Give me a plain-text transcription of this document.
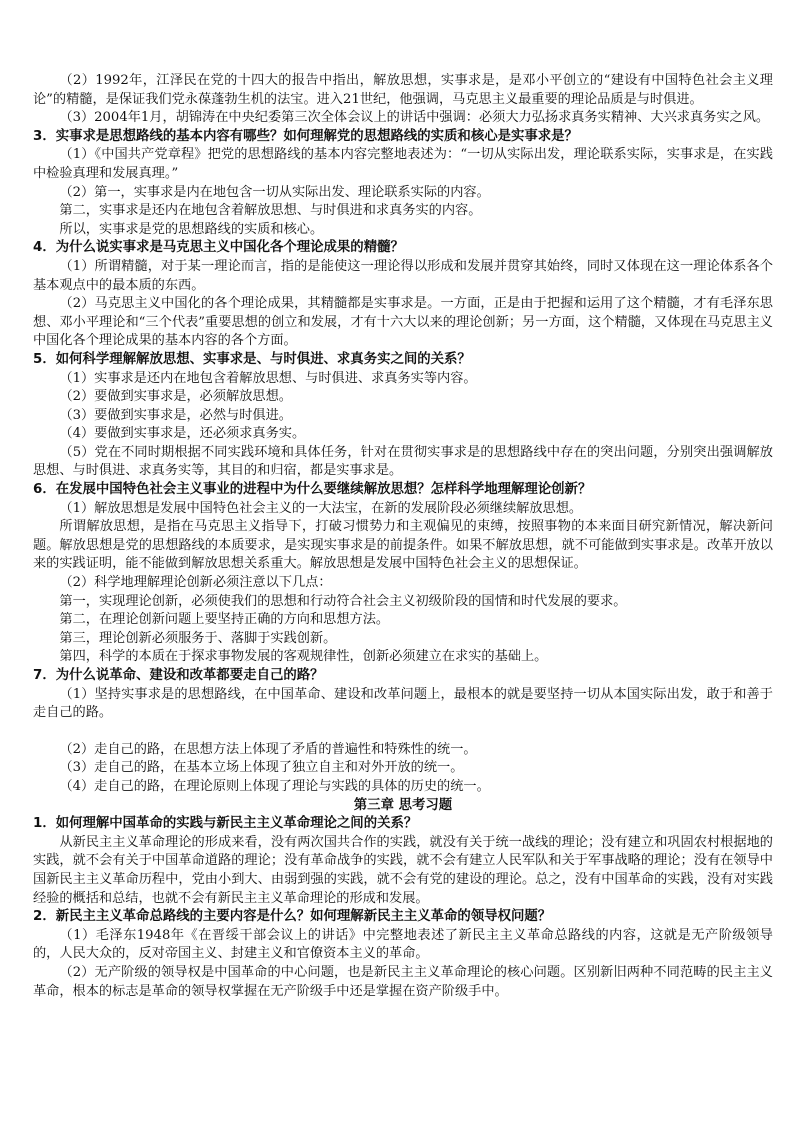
（2）1992年，江泽民在党的十四大的报告中指出，解放思想，实事求是，是邓小平创立的“建设有中国特色社会主义理论”的精髓，是保证我们党永葆蓬勃生机的法宝。进入21世纪，他强调，马克思主义最重要的理论品质是与时俱进。
（3）2004年1月，胡锦涛在中央纪委第三次全体会议上的讲话中强调：必须大力弘扬求真务实精神、大兴求真务实之风。
3．实事求是思想路线的基本内容有哪些？如何理解党的思想路线的实质和核心是实事求是？
（1）《中国共产党章程》把党的思想路线的基本内容完整地表述为：“一切从实际出发，理论联系实际，实事求是，在实践中检验真理和发展真理。”
（2）第一，实事求是内在地包含一切从实际出发、理论联系实际的内容。
第二，实事求是还内在地包含着解放思想、与时俱进和求真务实的内容。
所以，实事求是党的思想路线的实质和核心。
4．为什么说实事求是马克思主义中国化各个理论成果的精髓？
（1）所谓精髓，对于某一理论而言，指的是能使这一理论得以形成和发展并贯穿其始终，同时又体现在这一理论体系各个基本观点中的最本质的东西。
（2）马克思主义中国化的各个理论成果，其精髓都是实事求是。一方面，正是由于把握和运用了这个精髓，才有毛泽东思想、邓小平理论和“三个代表”重要思想的创立和发展，才有十六大以来的理论创新；另一方面，这个精髓，又体现在马克思主义中国化各个理论成果的基本内容的各个方面。
5．如何科学理解解放思想、实事求是、与时俱进、求真务实之间的关系？
（1）实事求是还内在地包含着解放思想、与时俱进、求真务实等内容。
（2）要做到实事求是，必须解放思想。
（3）要做到实事求是，必然与时俱进。
（4）要做到实事求是，还必须求真务实。
（5）党在不同时期根据不同实践环境和具体任务，针对在贯彻实事求是的思想路线中存在的突出问题，分别突出强调解放思想、与时俱进、求真务实等，其目的和归宿，都是实事求是。
6．在发展中国特色社会主义事业的进程中为什么要继续解放思想？怎样科学地理解理论创新？
（1）解放思想是发展中国特色社会主义的一大法宝，在新的发展阶段必须继续解放思想。
所谓解放思想，是指在马克思主义指导下，打破习惯势力和主观偏见的束缚，按照事物的本来面目研究新情况，解决新问题。解放思想是党的思想路线的本质要求，是实现实事求是的前提条件。如果不解放思想，就不可能做到实事求是。改革开放以来的实践证明，能不能做到解放思想关系重大。解放思想是发展中国特色社会主义的思想保证。
（2）科学地理解理论创新必须注意以下几点：
第一，实现理论创新，必须使我们的思想和行动符合社会主义初级阶段的国情和时代发展的要求。
第二，在理论创新问题上要坚持正确的方向和思想方法。
第三，理论创新必须服务于、落脚于实践创新。
第四，科学的本质在于探求事物发展的客观规律性，创新必须建立在求实的基础上。
7．为什么说革命、建设和改革都要走自己的路？
（1）坚持实事求是的思想路线，在中国革命、建设和改革问题上，最根本的就是要坚持一切从本国实际出发，敢于和善于走自己的路。
（2）走自己的路，在思想方法上体现了矛盾的普遍性和特殊性的统一。
（3）走自己的路，在基本立场上体现了独立自主和对外开放的统一。
（4）走自己的路，在理论原则上体现了理论与实践的具体的历史的统一。
第三章 思考习题
1．如何理解中国革命的实践与新民主主义革命理论之间的关系？
从新民主主义革命理论的形成来看，没有两次国共合作的实践，就没有关于统一战线的理论；没有建立和巩固农村根据地的实践，就不会有关于中国革命道路的理论；没有革命战争的实践，就不会有建立人民军队和关于军事战略的理论；没有在领导中国新民主主义革命历程中，党由小到大、由弱到强的实践，就不会有党的建设的理论。总之，没有中国革命的实践，没有对实践经验的概括和总结，也就不会有新民主主义革命理论的形成和发展。
2．新民主主义革命总路线的主要内容是什么？如何理解新民主主义革命的领导权问题？
（1）毛泽东1948年《在晋绥干部会议上的讲话》中完整地表述了新民主主义革命总路线的内容，这就是无产阶级领导的，人民大众的，反对帝国主义、封建主义和官僚资本主义的革命。
（2）无产阶级的领导权是中国革命的中心问题，也是新民主主义革命理论的核心问题。区别新旧两种不同范畴的民主主义革命，根本的标志是革命的领导权掌握在无产阶级手中还是掌握在资产阶级手中。
